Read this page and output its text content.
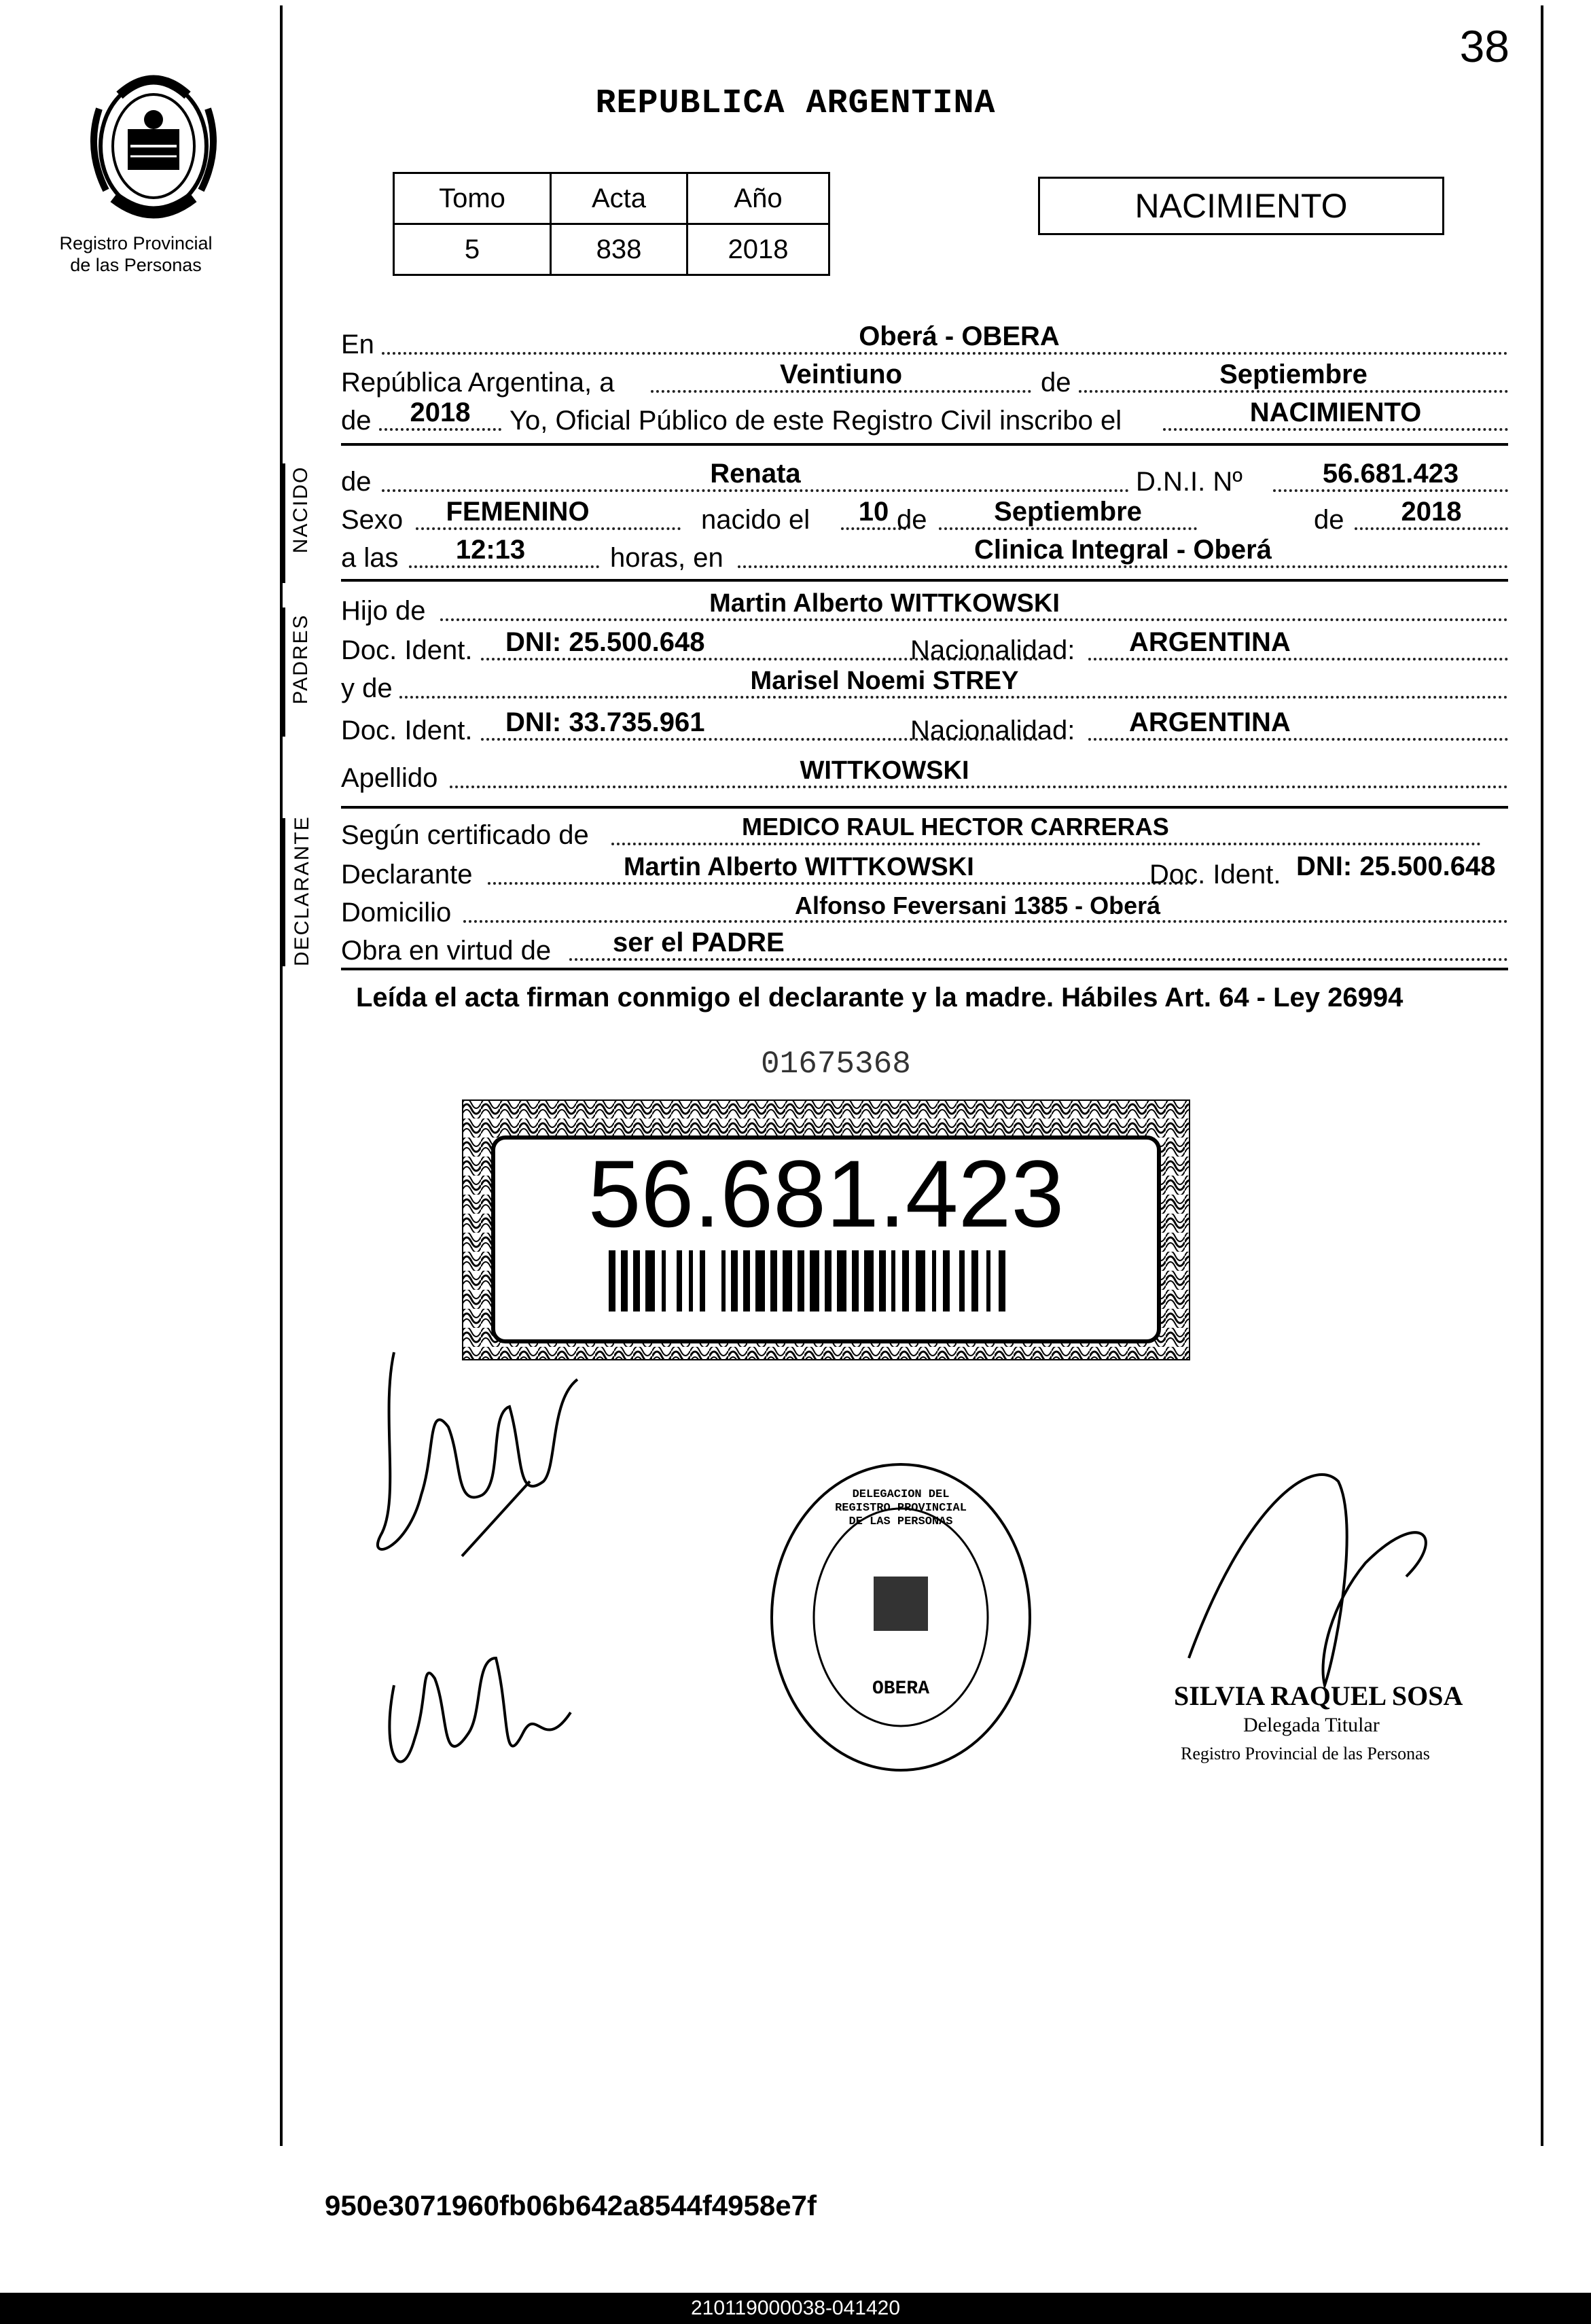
38
Registro Provincial
de las Personas
REPUBLICA ARGENTINA
Tomo	Acta	Año
5	838	2018
NACIMIENTO
En	Oberá - OBERA
República Argentina, a	Veintiuno	de	Septiembre
de	2018	Yo, Oficial Público de este Registro Civil inscribo el	NACIMIENTO
NACIDO de	Renata	D.N.I. Nº	56.681.423
Sexo	FEMENINO	nacido el	10 de	Septiembre	de	2018
a las	12:13	horas, en	Clinica Integral - Oberá
PADRES
Hijo de	Martin Alberto WITTKOWSKI
Doc. Ident. DNI: 25.500.648	Nacionalidad: ARGENTINA
y de	Marisel Noemi STREY
Doc. Ident. DNI: 33.735.961	Nacionalidad: ARGENTINA
Apellido	WITTKOWSKI
DECLARANTE Según certificado de	MEDICO RAUL HECTOR CARRERAS
Declarante	Martin Alberto WITTKOWSKI	Doc. Ident. DNI: 25.500.648
Domicilio	Alfonso Feversani 1385 - Oberá
Obra en virtud de ser el PADRE
Leída el acta firman conmigo el declarante y la madre. Hábiles Art. 64 - Ley 26994
01675368
56.681.423
DELEGACION DEL REGISTRO PROVINCIAL DE LAS PERSONAS
OBERA	SILVIA RAQUEL SOSA
Delegada Titular
Registro Provincial de las Personas
950e3071960fb06b642a8544f4958e7f
210119000038-041420
